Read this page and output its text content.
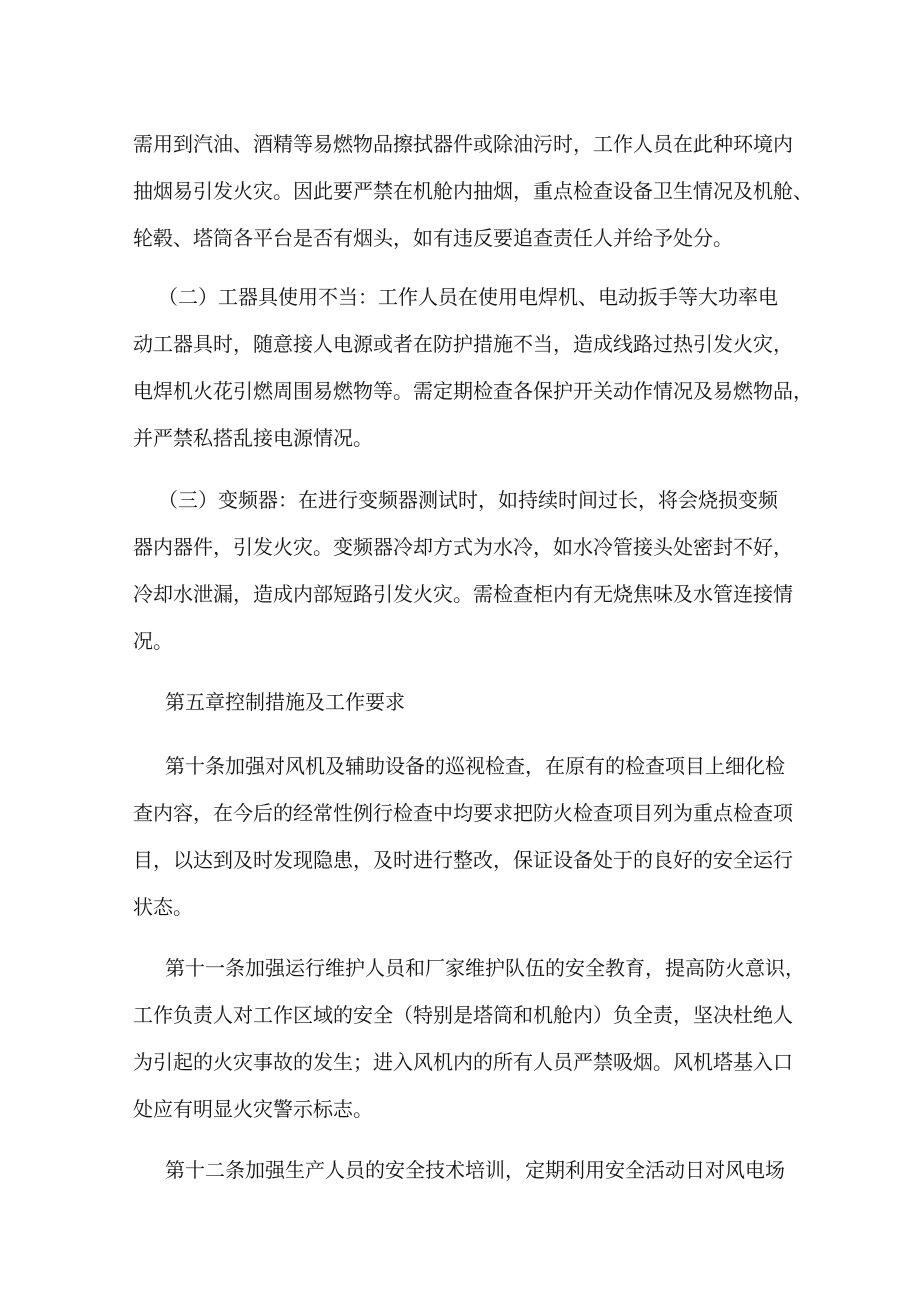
需用到汽油、酒精等易燃物品擦拭器件或除油污时，工作人员在此种环境内
抽烟易引发火灾。因此要严禁在机舱内抽烟，重点检查设备卫生情况及机舱、
轮毂、塔筒各平台是否有烟头，如有违反要追查责任人并给予处分。
（二）工器具使用不当：工作人员在使用电焊机、电动扳手等大功率电
动工器具时，随意接人电源或者在防护措施不当，造成线路过热引发火灾，
电焊机火花引燃周围易燃物等。需定期检查各保护开关动作情况及易燃物品，
并严禁私搭乱接电源情况。
（三）变频器：在进行变频器测试时，如持续时间过长，将会烧损变频
器内器件，引发火灾。变频器冷却方式为水冷，如水冷管接头处密封不好，
冷却水泄漏，造成内部短路引发火灾。需检查柜内有无烧焦味及水管连接情
况。
第五章控制措施及工作要求
第十条加强对风机及辅助设备的巡视检查，在原有的检查项目上细化检
查内容，在今后的经常性例行检查中均要求把防火检查项目列为重点检查项
目，以达到及时发现隐患，及时进行整改，保证设备处于的良好的安全运行
状态。
第十一条加强运行维护人员和厂家维护队伍的安全教育，提高防火意识，
工作负责人对工作区域的安全（特别是塔筒和机舱内）负全责，坚决杜绝人
为引起的火灾事故的发生；进入风机内的所有人员严禁吸烟。风机塔基入口
处应有明显火灾警示标志。
第十二条加强生产人员的安全技术培训，定期利用安全活动日对风电场
